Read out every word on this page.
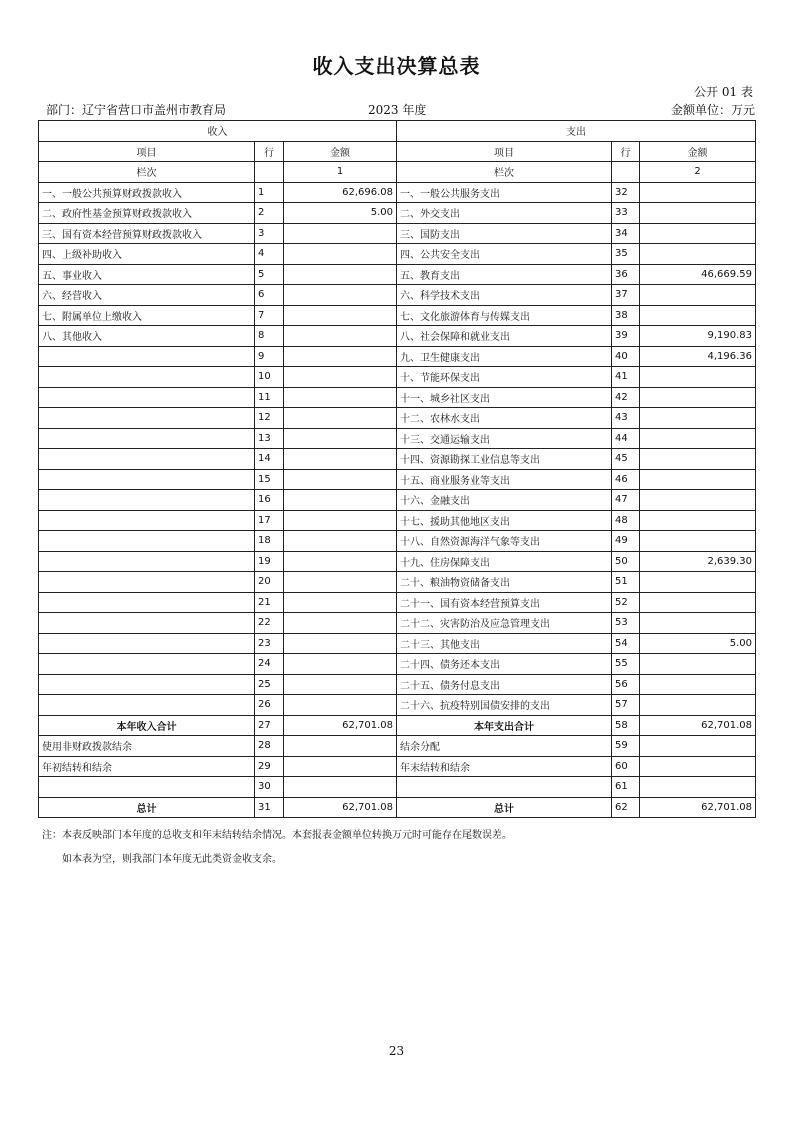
收入支出决算总表
公开 01 表
部门：辽宁省营口市盖州市教育局	2023 年度	金额单位：万元
收入			支出		
项目	行	金额	项目	行	金额
栏次		1	栏次		2
一、一般公共预算财政拨款收入	1	62,696.08	一、一般公共服务支出	32	
二、政府性基金预算财政拨款收入	2	5.00	二、外交支出	33	
三、国有资本经营预算财政拨款收入	3		三、国防支出	34	
四、上级补助收入	4		四、公共安全支出	35	
五、事业收入	5		五、教育支出	36	46,669.59
六、经营收入	6		六、科学技术支出	37	
七、附属单位上缴收入	7		七、文化旅游体育与传媒支出	38	
八、其他收入	8		八、社会保障和就业支出	39	9,190.83
	9		九、卫生健康支出	40	4,196.36
	10		十、节能环保支出	41	
	11		十一、城乡社区支出	42	
	12		十二、农林水支出	43	
	13		十三、交通运输支出	44	
	14		十四、资源勘探工业信息等支出	45	
	15		十五、商业服务业等支出	46	
	16		十六、金融支出	47	
	17		十七、援助其他地区支出	48	
	18		十八、自然资源海洋气象等支出	49	
	19		十九、住房保障支出	50	2,639.30
	20		二十、粮油物资储备支出	51	
	21		二十一、国有资本经营预算支出	52	
	22		二十二、灾害防治及应急管理支出	53	
	23		二十三、其他支出	54	5.00
	24		二十四、债务还本支出	55	
	25		二十五、债务付息支出	56	
	26		二十六、抗疫特别国债安排的支出	57	
本年收入合计	27	62,701.08	本年支出合计	58	62,701.08
使用非财政拨款结余	28		结余分配	59	
年初结转和结余	29		年末结转和结余	60	
	30			61	
总计	31	62,701.08	总计	62	62,701.08
注：本表反映部门本年度的总收支和年末结转结余情况。本套报表金额单位转换万元时可能存在尾数误差。
如本表为空，则我部门本年度无此类资金收支余。
23
